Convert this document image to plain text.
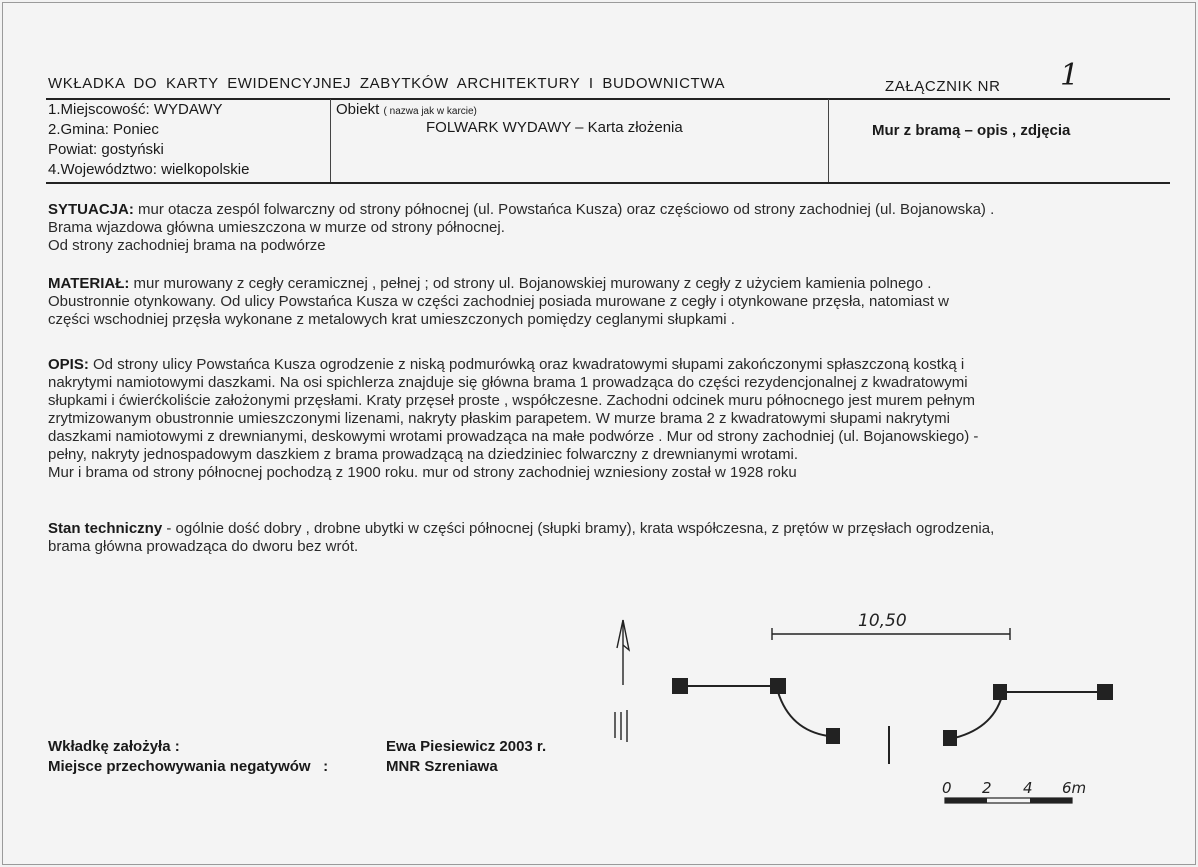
WKŁADKA DO KARTY EWIDENCYJNEJ ZABYTKÓW ARCHITEKTURY I BUDOWNICTWA	ZAŁĄCZNIK NR 1
1.Miejscowość: WYDAWY
2.Gmina: Poniec
Powiat: gostyński
4.Województwo: wielkopolskie
Obiekt ( nazwa jak w karcie)
FOLWARK WYDAWY – Karta złożenia	Mur z bramą – opis , zdjęcia
SYTUACJA: mur otacza zespól folwarczny od strony północnej (ul. Powstańca Kusza) oraz częściowo od strony zachodniej (ul. Bojanowska) .
Brama wjazdowa główna umieszczona w murze od strony północnej.
Od strony zachodniej brama na podwórze
MATERIAŁ: mur murowany z cegły ceramicznej , pełnej ; od strony ul. Bojanowskiej murowany z cegły z użyciem kamienia polnego .
Obustronnie otynkowany. Od ulicy Powstańca Kusza w części zachodniej posiada murowane z cegły i otynkowane przęsła, natomiast w
części wschodniej przęsła wykonane z metalowych krat umieszczonych pomiędzy ceglanymi słupkami .
OPIS: Od strony ulicy Powstańca Kusza ogrodzenie z niską podmurówką oraz kwadratowymi słupami zakończonymi spłaszczoną kostką i
nakrytymi namiotowymi daszkami. Na osi spichlerza znajduje się główna brama 1 prowadząca do części rezydencjonalnej z kwadratowymi
słupkami i ćwierćkoliście założonymi przęsłami. Kraty przęseł proste , współczesne. Zachodni odcinek muru północnego jest murem pełnym
zrytmizowanym obustronnie umieszczonymi lizenami, nakryty płaskim parapetem. W murze brama 2 z kwadratowymi słupami nakrytymi
daszkami namiotowymi z drewnianymi, deskowymi wrotami prowadząca na małe podwórze . Mur od strony zachodniej (ul. Bojanowskiego) -
pełny, nakryty jednospadowym daszkiem z brama prowadzącą na dziedziniec folwarczny z drewnianymi wrotami.
Mur i brama od strony północnej pochodzą z 1900 roku. mur od strony zachodniej wzniesiony został w 1928 roku
Stan techniczny - ogólnie dość dobry , drobne ubytki w części północnej (słupki bramy), krata współczesna, z prętów w przęsłach ogrodzenia,
brama główna prowadząca do dworu bez wrót.
Wkładkę założyła :
Miejsce przechowywania negatywów :
Ewa Piesiewicz 2003 r.
MNR Szreniawa
10,50
0 2 4 6m
